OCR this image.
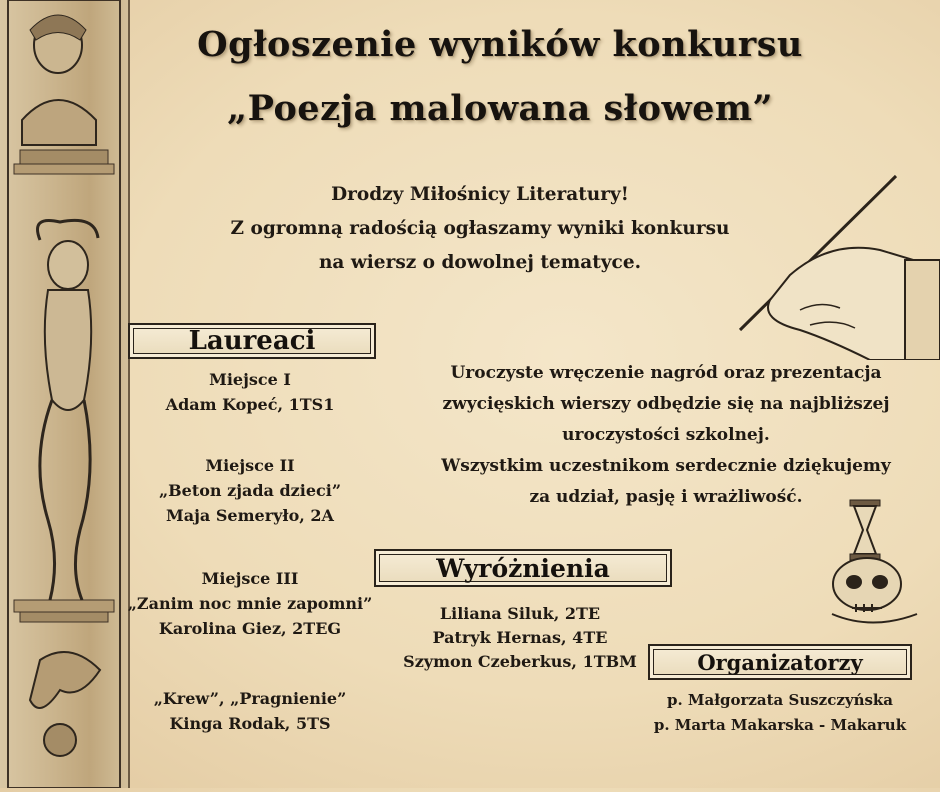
Ogłoszenie wyników konkursu
„Poezja malowana słowem”
Drodzy Miłośnicy Literatury!
Z ogromną radością ogłaszamy wyniki konkursu
na wiersz o dowolnej tematyce.
Laureaci
Miejsce I
Adam Kopeć, 1TS1
Miejsce II
„Beton zjada dzieci”
Maja Semeryło, 2A
Miejsce III
„Zanim noc mnie zapomni”
Karolina Giez, 2TEG
„Krew”, „Pragnienie”
Kinga Rodak, 5TS
Uroczyste wręczenie nagród oraz prezentacja
zwycięskich wierszy odbędzie się na najbliższej
uroczystości szkolnej.
Wszystkim uczestnikom serdecznie dziękujemy
za udział, pasję i wrażliwość.
Wyróżnienia
Liliana Siluk, 2TE
Patryk Hernas, 4TE
Szymon Czeberkus, 1TBM	Organizatorzy
p. Małgorzata Suszczyńska
p. Marta Makarska - Makaruk
